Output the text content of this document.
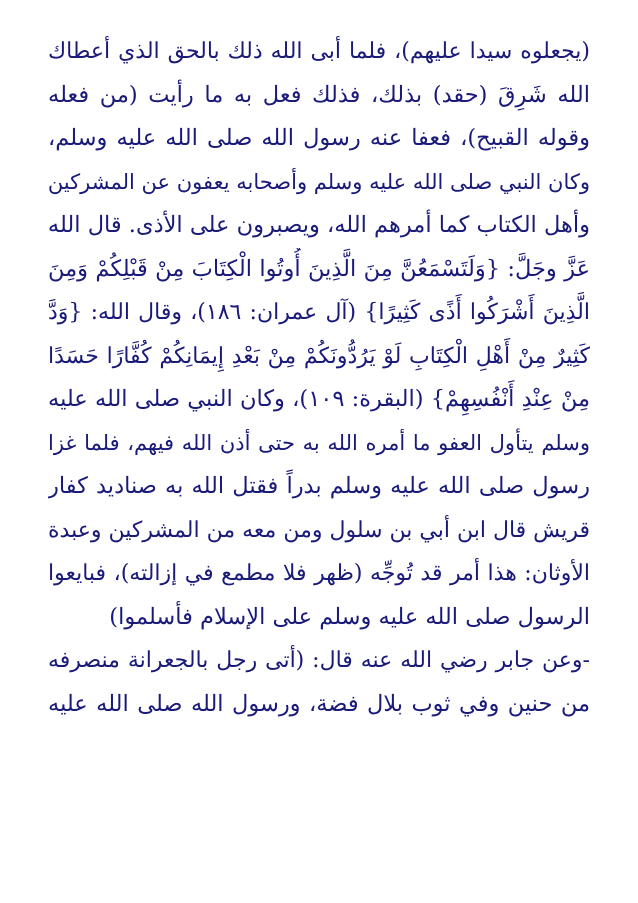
(يجعلوه سيدا عليهم)، فلما أبى الله ذلك بالحق الذي أعطاك
الله شَرِقَ (حقد) بذلك، فذلك فعل به ما رأيت (من فعله
وقوله القبيح)، فعفا عنه رسول الله صلى الله عليه وسلم،
وكان النبي صلى الله عليه وسلم وأصحابه يعفون عن المشركين
وأهل الكتاب كما أمرهم الله، ويصبرون على الأذى. قال الله
عَزَّ وجَلَّ: {وَلَتَسْمَعُنَّ مِنَ الَّذِينَ أُوتُوا الْكِتَابَ مِنْ قَبْلِكُمْ وَمِنَ
الَّذِينَ أَشْرَكُوا أَذًى كَثِيرًا} (آل عمران: ١٨٦)، وقال الله: {وَدَّ
كَثِيرٌ مِنْ أَهْلِ الْكِتَابِ لَوْ يَرُدُّونَكُمْ مِنْ بَعْدِ إِيمَانِكُمْ كُفَّارًا حَسَدًا
مِنْ عِنْدِ أَنْفُسِهِمْ} (البقرة: ١٠٩)، وكان النبي صلى الله عليه
وسلم يتأول العفو ما أمره الله به حتى أذن الله فيهم، فلما غزا
رسول صلى الله عليه وسلم بدراً فقتل الله به صناديد كفار
قريش قال ابن أبي بن سلول ومن معه من المشركين وعبدة
الأوثان: هذا أمر قد تُوجِّه (ظهر فلا مطمع في إزالته)، فبايعوا
الرسول صلى الله عليه وسلم على الإسلام فأسلموا)
-وعن جابر رضي الله عنه قال: (أتى رجل بالجعرانة منصرفه
من حنين وفي ثوب بلال فضة، ورسول الله صلى الله عليه
